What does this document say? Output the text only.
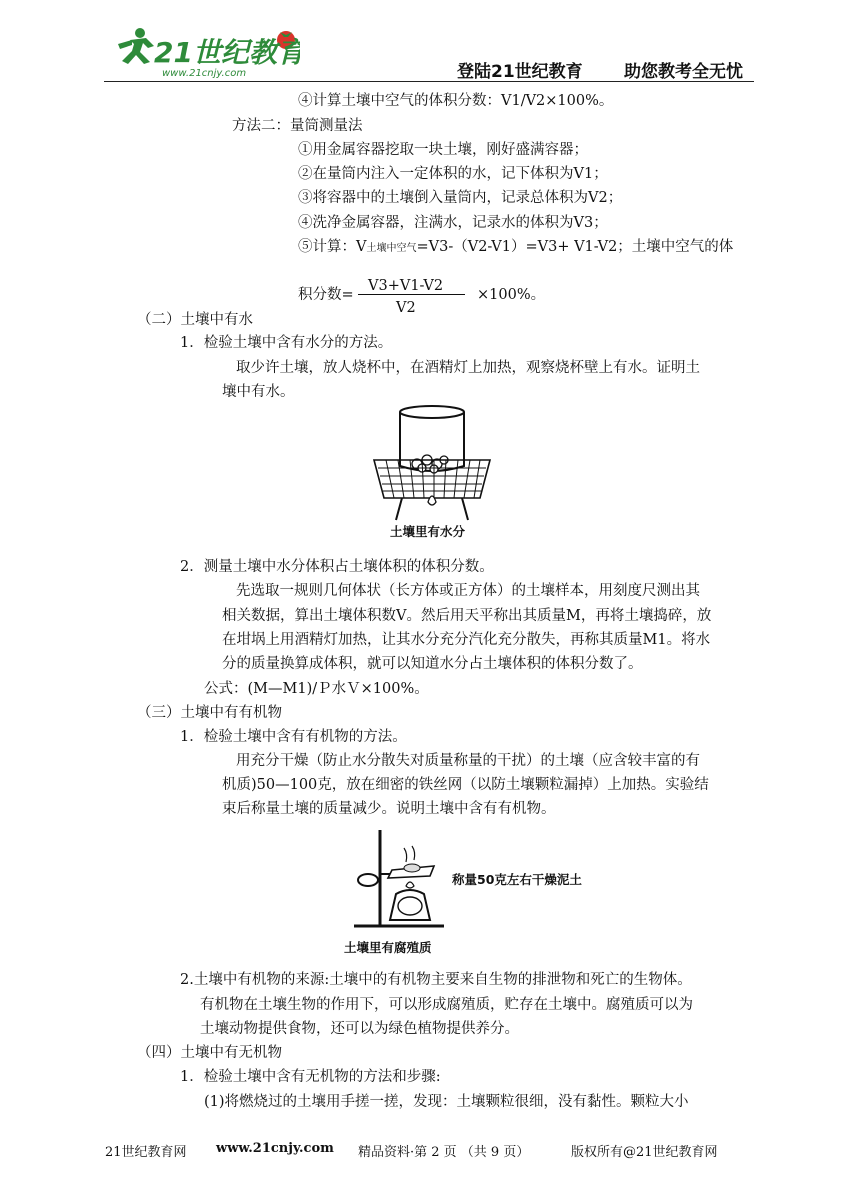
21世纪教育
www.21cnjy.com	登陆21世纪教育 助您教考全无忧
④计算土壤中空气的体积分数：V1/V2×100%。
方法二：量筒测量法
①用金属容器挖取一块土壤，刚好盛满容器；
②在量筒内注入一定体积的水，记下体积为V1；
③将容器中的土壤倒入量筒内，记录总体积为V2；
④洗净金属容器，注满水，记录水的体积为V3；
⑤计算：V土壤中空气=V3-（V2-V1）=V3+ V1-V2；土壤中空气的体
积分数=
V3+V1-V2
V2
×100%。
（二）土壤中有水
1．检验土壤中含有水分的方法。
取少许土壤，放人烧杯中，在酒精灯上加热，观察烧杯壁上有水。证明土
壤中有水。
土壤里有水分
2．测量土壤中水分体积占土壤体积的体积分数。
先选取一规则几何体状（长方体或正方体）的土壤样本，用刻度尺测出其
相关数据，算出土壤体积数V。然后用天平称出其质量M，再将土壤捣碎，放
在坩埚上用酒精灯加热，让其水分充分汽化充分散失，再称其质量M1。将水
分的质量换算成体积，就可以知道水分占土壤体积的体积分数了。
公式：(M—M1)/Ｐ水Ｖ×100%。
（三）土壤中有有机物
1．检验土壤中含有有机物的方法。
用充分干燥（防止水分散失对质量称量的干扰）的土壤（应含较丰富的有
机质)50—100克，放在细密的铁丝网（以防土壤颗粒漏掉）上加热。实验结
束后称量土壤的质量减少。说明土壤中含有有机物。
称量50克左右干燥泥土
土壤里有腐殖质
2.土壤中有机物的来源:土壤中的有机物主要来自生物的排泄物和死亡的生物体。
有机物在土壤生物的作用下，可以形成腐殖质，贮存在土壤中。腐殖质可以为
土壤动物提供食物，还可以为绿色植物提供养分。
（四）土壤中有无机物
1．检验土壤中含有无机物的方法和步骤:
(1)将燃烧过的土壤用手搓一搓，发现：土壤颗粒很细，没有黏性。颗粒大小
21世纪教育网 www.21cnjy.com 精品资料·第 2 页 （共 9 页）	版权所有@21世纪教育网
